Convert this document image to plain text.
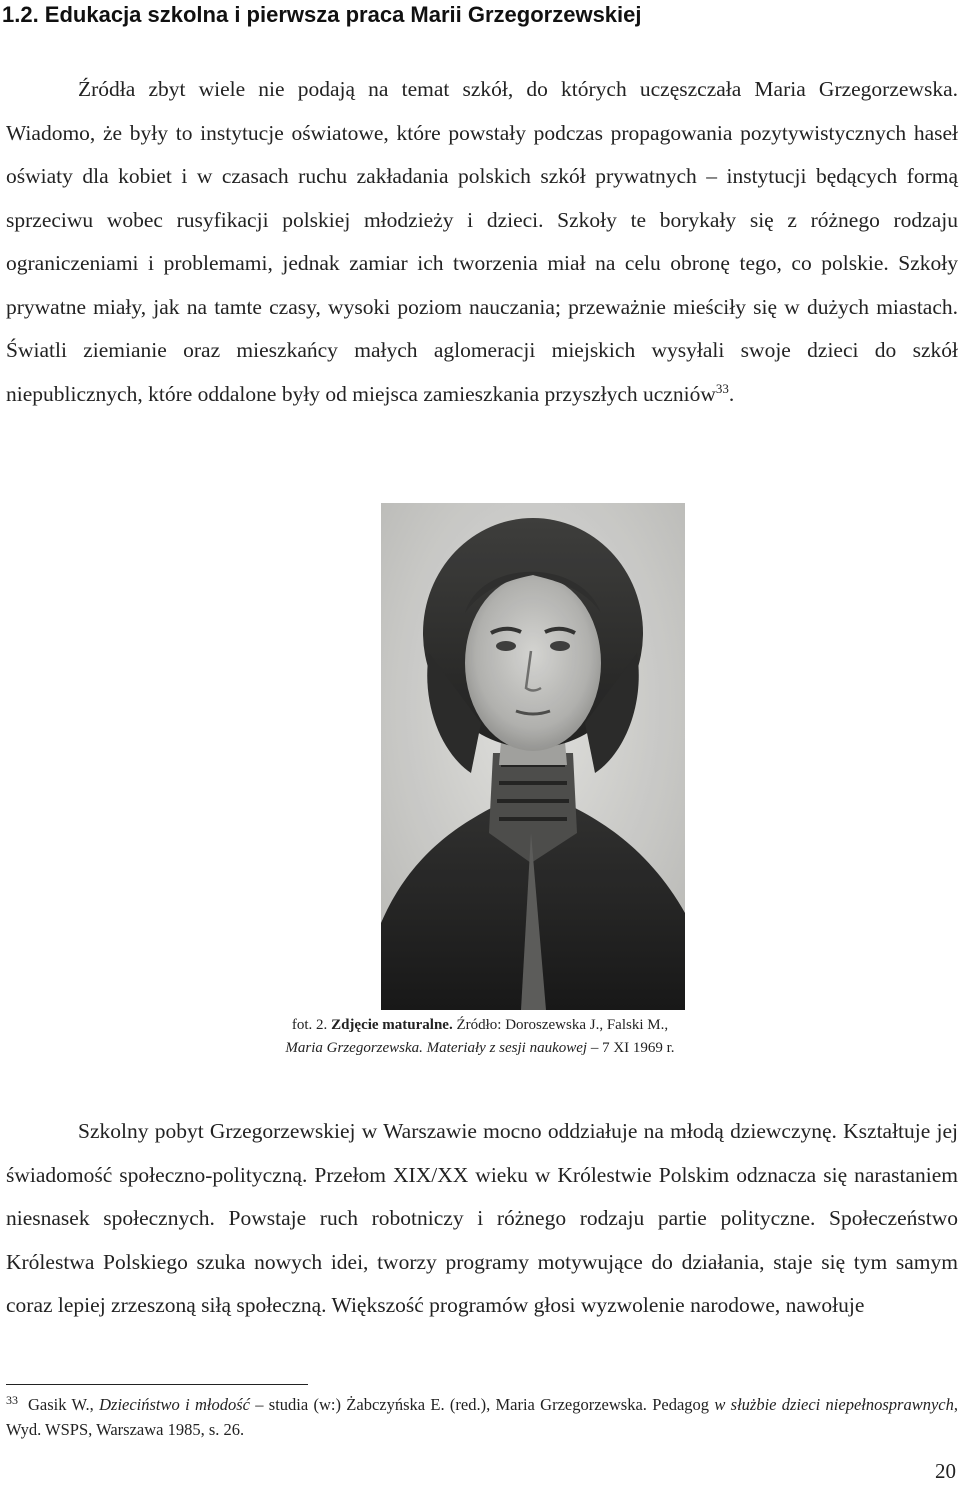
1.2. Edukacja szkolna i pierwsza praca Marii Grzegorzewskiej

Źródła zbyt wiele nie podają na temat szkół, do których uczęszczała Maria Grzegorzewska. Wiadomo, że były to instytucje oświatowe, które powstały podczas propagowania pozytywistycznych haseł oświaty dla kobiet i w czasach ruchu zakładania polskich szkół prywatnych – instytucji będących formą sprzeciwu wobec rusyfikacji polskiej młodzieży i dzieci. Szkoły te borykały się z różnego rodzaju ograniczeniami i problemami, jednak zamiar ich tworzenia miał na celu obronę tego, co polskie. Szkoły prywatne miały, jak na tamte czasy, wysoki poziom nauczania; przeważnie mieściły się w dużych miastach. Światli ziemianie oraz mieszkańcy małych aglomeracji miejskich wysyłali swoje dzieci do szkół niepublicznych, które oddalone były od miejsca zamieszkania przyszłych uczniów$^{33}$.

fot. 2. Zdjęcie maturalne. Źródło: Doroszewska J., Falski M.,
Maria Grzegorzewska. Materiały z sesji naukowej – 7 XI 1969 r.

Szkolny pobyt Grzegorzewskiej w Warszawie mocno oddziałuje na młodą dziewczynę. Kształtuje jej świadomość społeczno-polityczną. Przełom XIX/XX wieku w Królestwie Polskim odznacza się narastaniem niesnasek społecznych. Powstaje ruch robotniczy i różnego rodzaju partie polityczne. Społeczeństwo Królestwa Polskiego szuka nowych idei, tworzy programy motywujące do działania, staje się tym samym coraz lepiej zrzeszoną siłą społeczną. Większość programów głosi wyzwolenie narodowe, nawołuje

$^{33}$ Gasik W., Dzieciństwo i młodość – studia (w:) Żabczyńska E. (red.), Maria Grzegorzewska. Pedagog w służbie dzieci niepełnosprawnych, Wyd. WSPS, Warszawa 1985, s. 26.
20
